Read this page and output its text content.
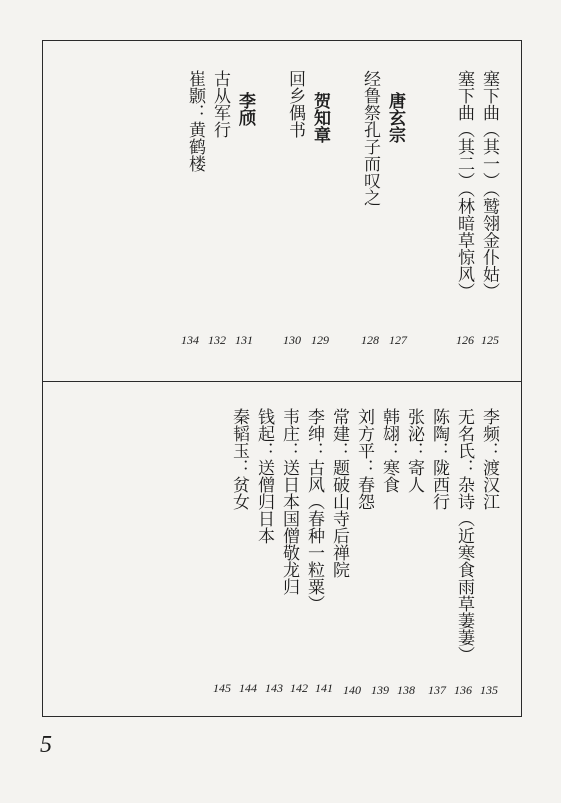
塞下曲（其一）（鹫翎金仆姑）
塞下曲（其二）（林暗草惊风）
唐玄宗
经鲁祭孔子而叹之
贺知章
回乡偶书
李颀
古从军行
崔颢：黄鹤楼
125
126
127
128
129
130
131
132
134
李频：渡汉江
无名氏：杂诗（近寒食雨草萋萋）
陈陶：陇西行
张泌：寄人
韩翃：寒食
刘方平：春怨
常建：题破山寺后禅院
李绅：古风（春种一粒粟）
韦庄：送日本国僧敬龙归
钱起：送僧归日本
秦韬玉：贫女
135
136
137
138
139
140
141
142
143
144
145
5
